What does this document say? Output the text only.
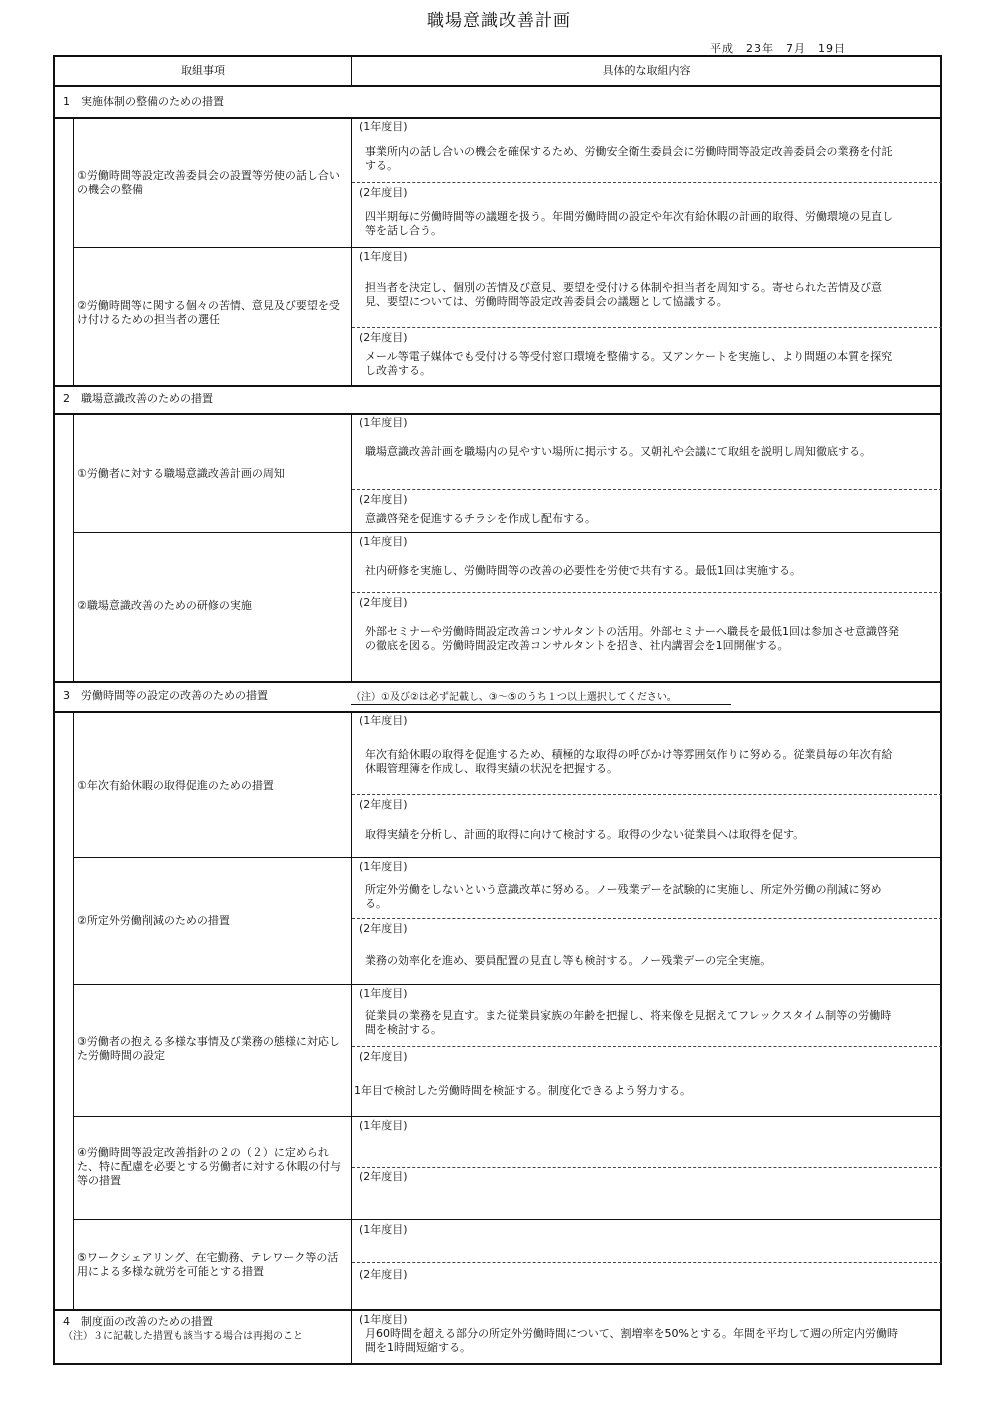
職場意識改善計画
平成　23年　7月　19日
取組事項	具体的な取組内容
1　実施体制の整備のための措置
①労働時間等設定改善委員会の設置等労使の話し合いの機会の整備
(1年度目)
事業所内の話し合いの機会を確保するため、労働安全衛生委員会に労働時間等設定改善委員会の業務を付託する。
(2年度目)
四半期毎に労働時間等の議題を扱う。年間労働時間の設定や年次有給休暇の計画的取得、労働環境の見直し等を話し合う。
②労働時間等に関する個々の苦情、意見及び要望を受け付けるための担当者の選任
(1年度目)
担当者を決定し、個別の苦情及び意見、要望を受付ける体制や担当者を周知する。寄せられた苦情及び意見、要望については、労働時間等設定改善委員会の議題として協議する。
(2年度目)
メール等電子媒体でも受付ける等受付窓口環境を整備する。又アンケートを実施し、より問題の本質を探究し改善する。
2　職場意識改善のための措置
①労働者に対する職場意識改善計画の周知
(1年度目)
職場意識改善計画を職場内の見やすい場所に掲示する。又朝礼や会議にて取組を説明し周知徹底する。
(2年度目)
意識啓発を促進するチラシを作成し配布する。
②職場意識改善のための研修の実施
(1年度目)
社内研修を実施し、労働時間等の改善の必要性を労使で共有する。最低1回は実施する。
(2年度目)
外部セミナーや労働時間設定改善コンサルタントの活用。外部セミナーへ職長を最低1回は参加させ意識啓発の徹底を図る。労働時間設定改善コンサルタントを招き、社内講習会を1回開催する。
3　労働時間等の設定の改善のための措置	（注）①及び②は必ず記載し、③〜⑤のうち１つ以上選択してください。
①年次有給休暇の取得促進のための措置
(1年度目)
年次有給休暇の取得を促進するため、積極的な取得の呼びかけ等雰囲気作りに努める。従業員毎の年次有給休暇管理簿を作成し、取得実績の状況を把握する。
(2年度目)
取得実績を分析し、計画的取得に向けて検討する。取得の少ない従業員へは取得を促す。
②所定外労働削減のための措置
(1年度目)
所定外労働をしないという意識改革に努める。ノー残業デーを試験的に実施し、所定外労働の削減に努める。
(2年度目)
業務の効率化を進め、要員配置の見直し等も検討する。ノー残業デーの完全実施。
③労働者の抱える多様な事情及び業務の態様に対応した労働時間の設定
(1年度目)
従業員の業務を見直す。また従業員家族の年齢を把握し、将来像を見据えてフレックスタイム制等の労働時間を検討する。
(2年度目)
1年目で検討した労働時間を検証する。制度化できるよう努力する。
④労働時間等設定改善指針の２の（２）に定められた、特に配慮を必要とする労働者に対する休暇の付与等の措置
(1年度目)
(2年度目)
⑤ワークシェアリング、在宅勤務、テレワーク等の活用による多様な就労を可能とする措置
(1年度目)
(2年度目)
4　制度面の改善のための措置
（注）３に記載した措置も該当する場合は再掲のこと
(1年度目)
月60時間を超える部分の所定外労働時間について、割増率を50%とする。年間を平均して週の所定内労働時間を1時間短縮する。
